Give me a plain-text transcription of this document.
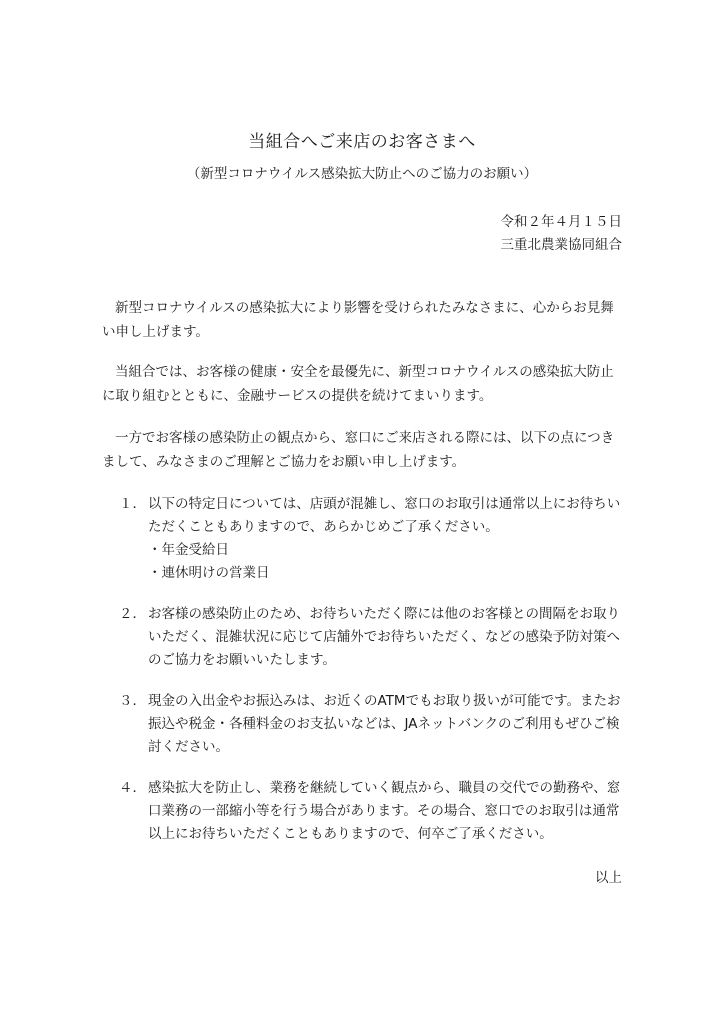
当組合へご来店のお客さまへ
（新型コロナウイルス感染拡大防止へのご協力のお願い）
令和２年４月１５日
三重北農業協同組合

新型コロナウイルスの感染拡大により影響を受けられたみなさまに、心からお見舞い申し上げます。

当組合では、お客様の健康・安全を最優先に、新型コロナウイルスの感染拡大防止に取り組むとともに、金融サービスの提供を続けてまいります。

一方でお客様の感染防止の観点から、窓口にご来店される際には、以下の点につきまして、みなさまのご理解とご協力をお願い申し上げます。

１． 以下の特定日については、店頭が混雑し、窓口のお取引は通常以上にお待ちいただくこともありますので、あらかじめご了承ください。
・年金受給日
・連休明けの営業日
２． お客様の感染防止のため、お待ちいただく際には他のお客様との間隔をお取りいただく、混雑状況に応じて店舗外でお待ちいただく、などの感染予防対策へのご協力をお願いいたします。
３． 現金の入出金やお振込みは、お近くのATMでもお取り扱いが可能です。またお振込や税金・各種料金のお支払いなどは、JAネットバンクのご利用もぜひご検討ください。
４． 感染拡大を防止し、業務を継続していく観点から、職員の交代での勤務や、窓口業務の一部縮小等を行う場合があります。その場合、窓口でのお取引は通常以上にお待ちいただくこともありますので、何卒ご了承ください。
以上
